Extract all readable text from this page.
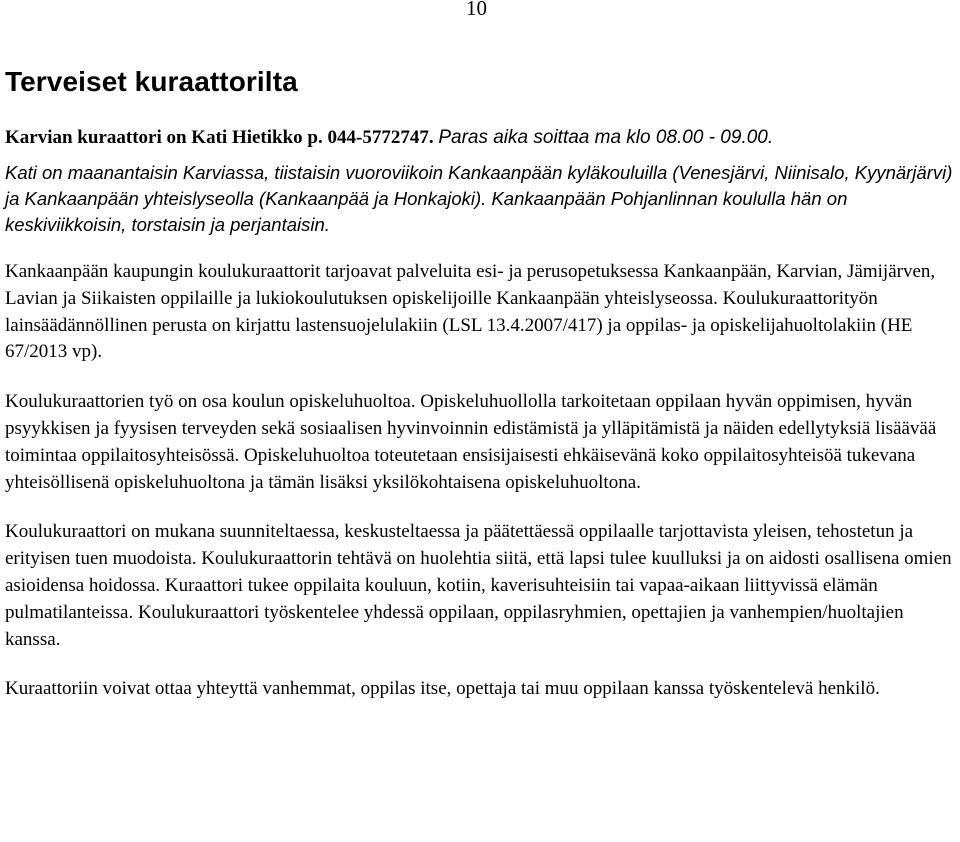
10
Terveiset kuraattorilta

Karvian kuraattori on Kati Hietikko p. 044-5772747. Paras aika soittaa ma klo 08.00 - 09.00.

Kati on maanantaisin Karviassa, tiistaisin vuoroviikoin Kankaanpään kyläkouluilla (Venesjärvi, Niinisalo, Kyynärjärvi) ja Kankaanpään yhteislyseolla (Kankaanpää ja Honkajoki). Kankaanpään Pohjanlinnan koululla hän on keskiviikkoisin, torstaisin ja perjantaisin.

Kankaanpään kaupungin koulukuraattorit tarjoavat palveluita esi- ja perusopetuksessa Kankaanpään, Karvian, Jämijärven, Lavian ja Siikaisten oppilaille ja lukiokoulutuksen opiskelijoille Kankaanpään yhteislyseossa. Koulukuraattorityön lainsäädännöllinen perusta on kirjattu lastensuojelulakiin (LSL 13.4.2007/417) ja oppilas- ja opiskelijahuoltolakiin (HE 67/2013 vp).

Koulukuraattorien työ on osa koulun opiskeluhuoltoa. Opiskeluhuollolla tarkoitetaan oppilaan hyvän oppimisen, hyvän psyykkisen ja fyysisen terveyden sekä sosiaalisen hyvinvoinnin edistämistä ja ylläpitämistä ja näiden edellytyksiä lisäävää toimintaa oppilaitosyhteisössä. Opiskeluhuoltoa toteutetaan ensisijaisesti ehkäisevänä koko oppilaitosyhteisöä tukevana yhteisöllisenä opiskeluhuoltona ja tämän lisäksi yksilökohtaisena opiskeluhuoltona.

Koulukuraattori on mukana suunniteltaessa, keskusteltaessa ja päätettäessä oppilaalle tarjottavista yleisen, tehostetun ja erityisen tuen muodoista. Koulukuraattorin tehtävä on huolehtia siitä, että lapsi tulee kuulluksi ja on aidosti osallisena omien asioidensa hoidossa. Kuraattori tukee oppilaita kouluun, kotiin, kaverisuhteisiin tai vapaa-aikaan liittyvissä elämän pulmatilanteissa. Koulukuraattori työskentelee yhdessä oppilaan, oppilasryhmien, opettajien ja vanhempien/huoltajien kanssa.

Kuraattoriin voivat ottaa yhteyttä vanhemmat, oppilas itse, opettaja tai muu oppilaan kanssa työskentelevä henkilö.
